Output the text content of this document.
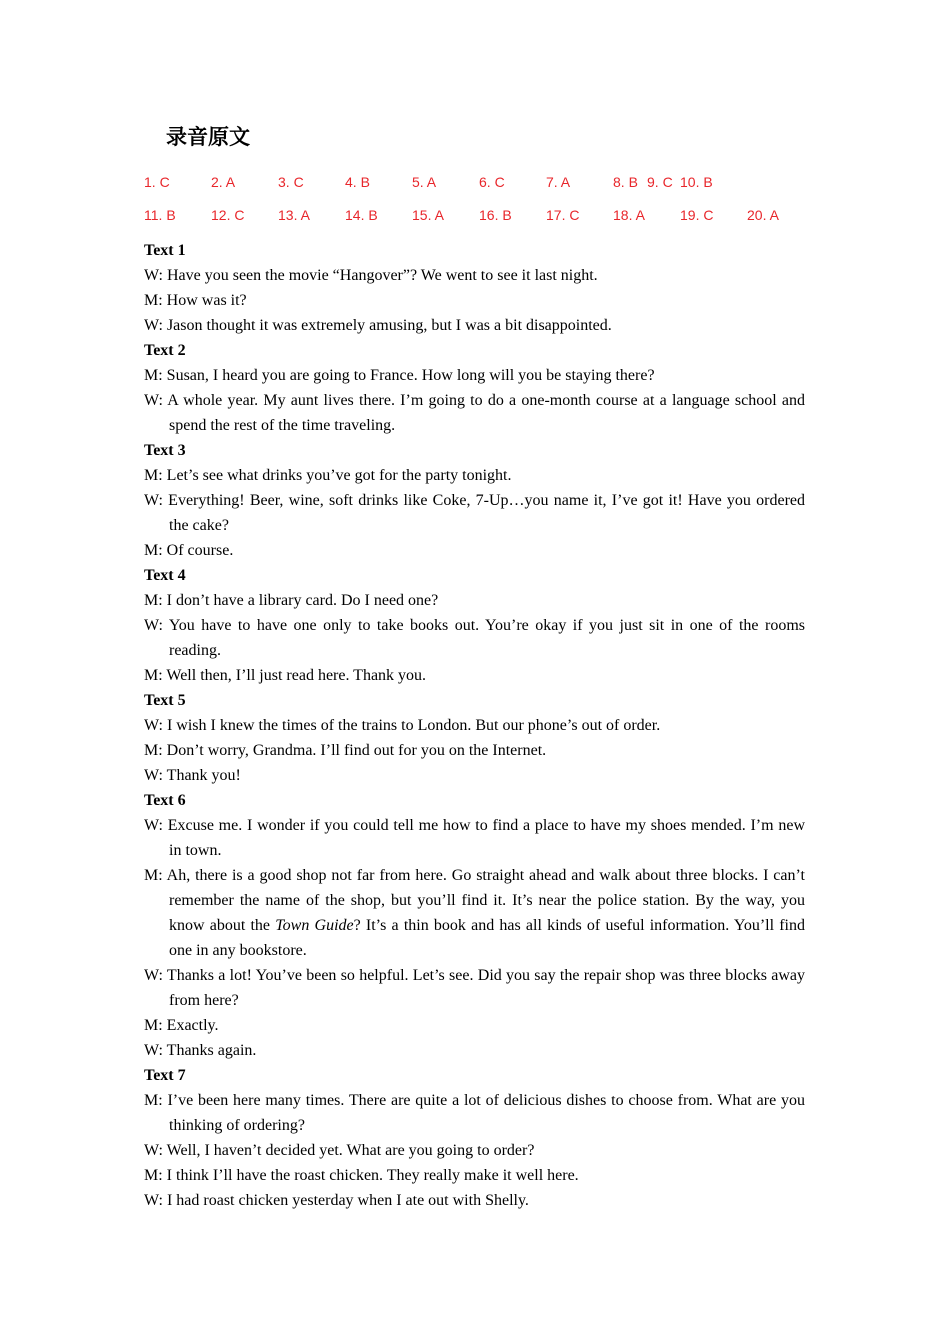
录音原文
1. C	2. A	3. C	4. B	5. A	6. C	7. A	8. B 9. C 10. B
11. B	12. C 13. A	14. B 15. A	16. B 17. C 18. A	19. C 20. A
Text 1
W: Have you seen the movie “Hangover”? We went to see it last night.
M: How was it?
W: Jason thought it was extremely amusing, but I was a bit disappointed.
Text 2
M: Susan, I heard you are going to France. How long will you be staying there?
W: A whole year. My aunt lives there. I’m going to do a one-month course at a language school and spend the rest of the time traveling.
Text 3
M: Let’s see what drinks you’ve got for the party tonight.
W: Everything! Beer, wine, soft drinks like Coke, 7-Up…you name it, I’ve got it! Have you ordered the cake?
M: Of course.
Text 4
M: I don’t have a library card. Do I need one?
W: You have to have one only to take books out. You’re okay if you just sit in one of the rooms reading.
M: Well then, I’ll just read here. Thank you.
Text 5
W: I wish I knew the times of the trains to London. But our phone’s out of order.
M: Don’t worry, Grandma. I’ll find out for you on the Internet.
W: Thank you!
Text 6
W: Excuse me. I wonder if you could tell me how to find a place to have my shoes mended. I’m new in town.
M: Ah, there is a good shop not far from here. Go straight ahead and walk about three blocks. I can’t remember the name of the shop, but you’ll find it. It’s near the police station. By the way, you know about the Town Guide? It’s a thin book and has all kinds of useful information. You’ll find one in any bookstore.
W: Thanks a lot! You’ve been so helpful. Let’s see. Did you say the repair shop was three blocks away from here?
M: Exactly.
W: Thanks again.
Text 7
M: I’ve been here many times. There are quite a lot of delicious dishes to choose from. What are you thinking of ordering?
W: Well, I haven’t decided yet. What are you going to order?
M: I think I’ll have the roast chicken. They really make it well here.
W: I had roast chicken yesterday when I ate out with Shelly.
